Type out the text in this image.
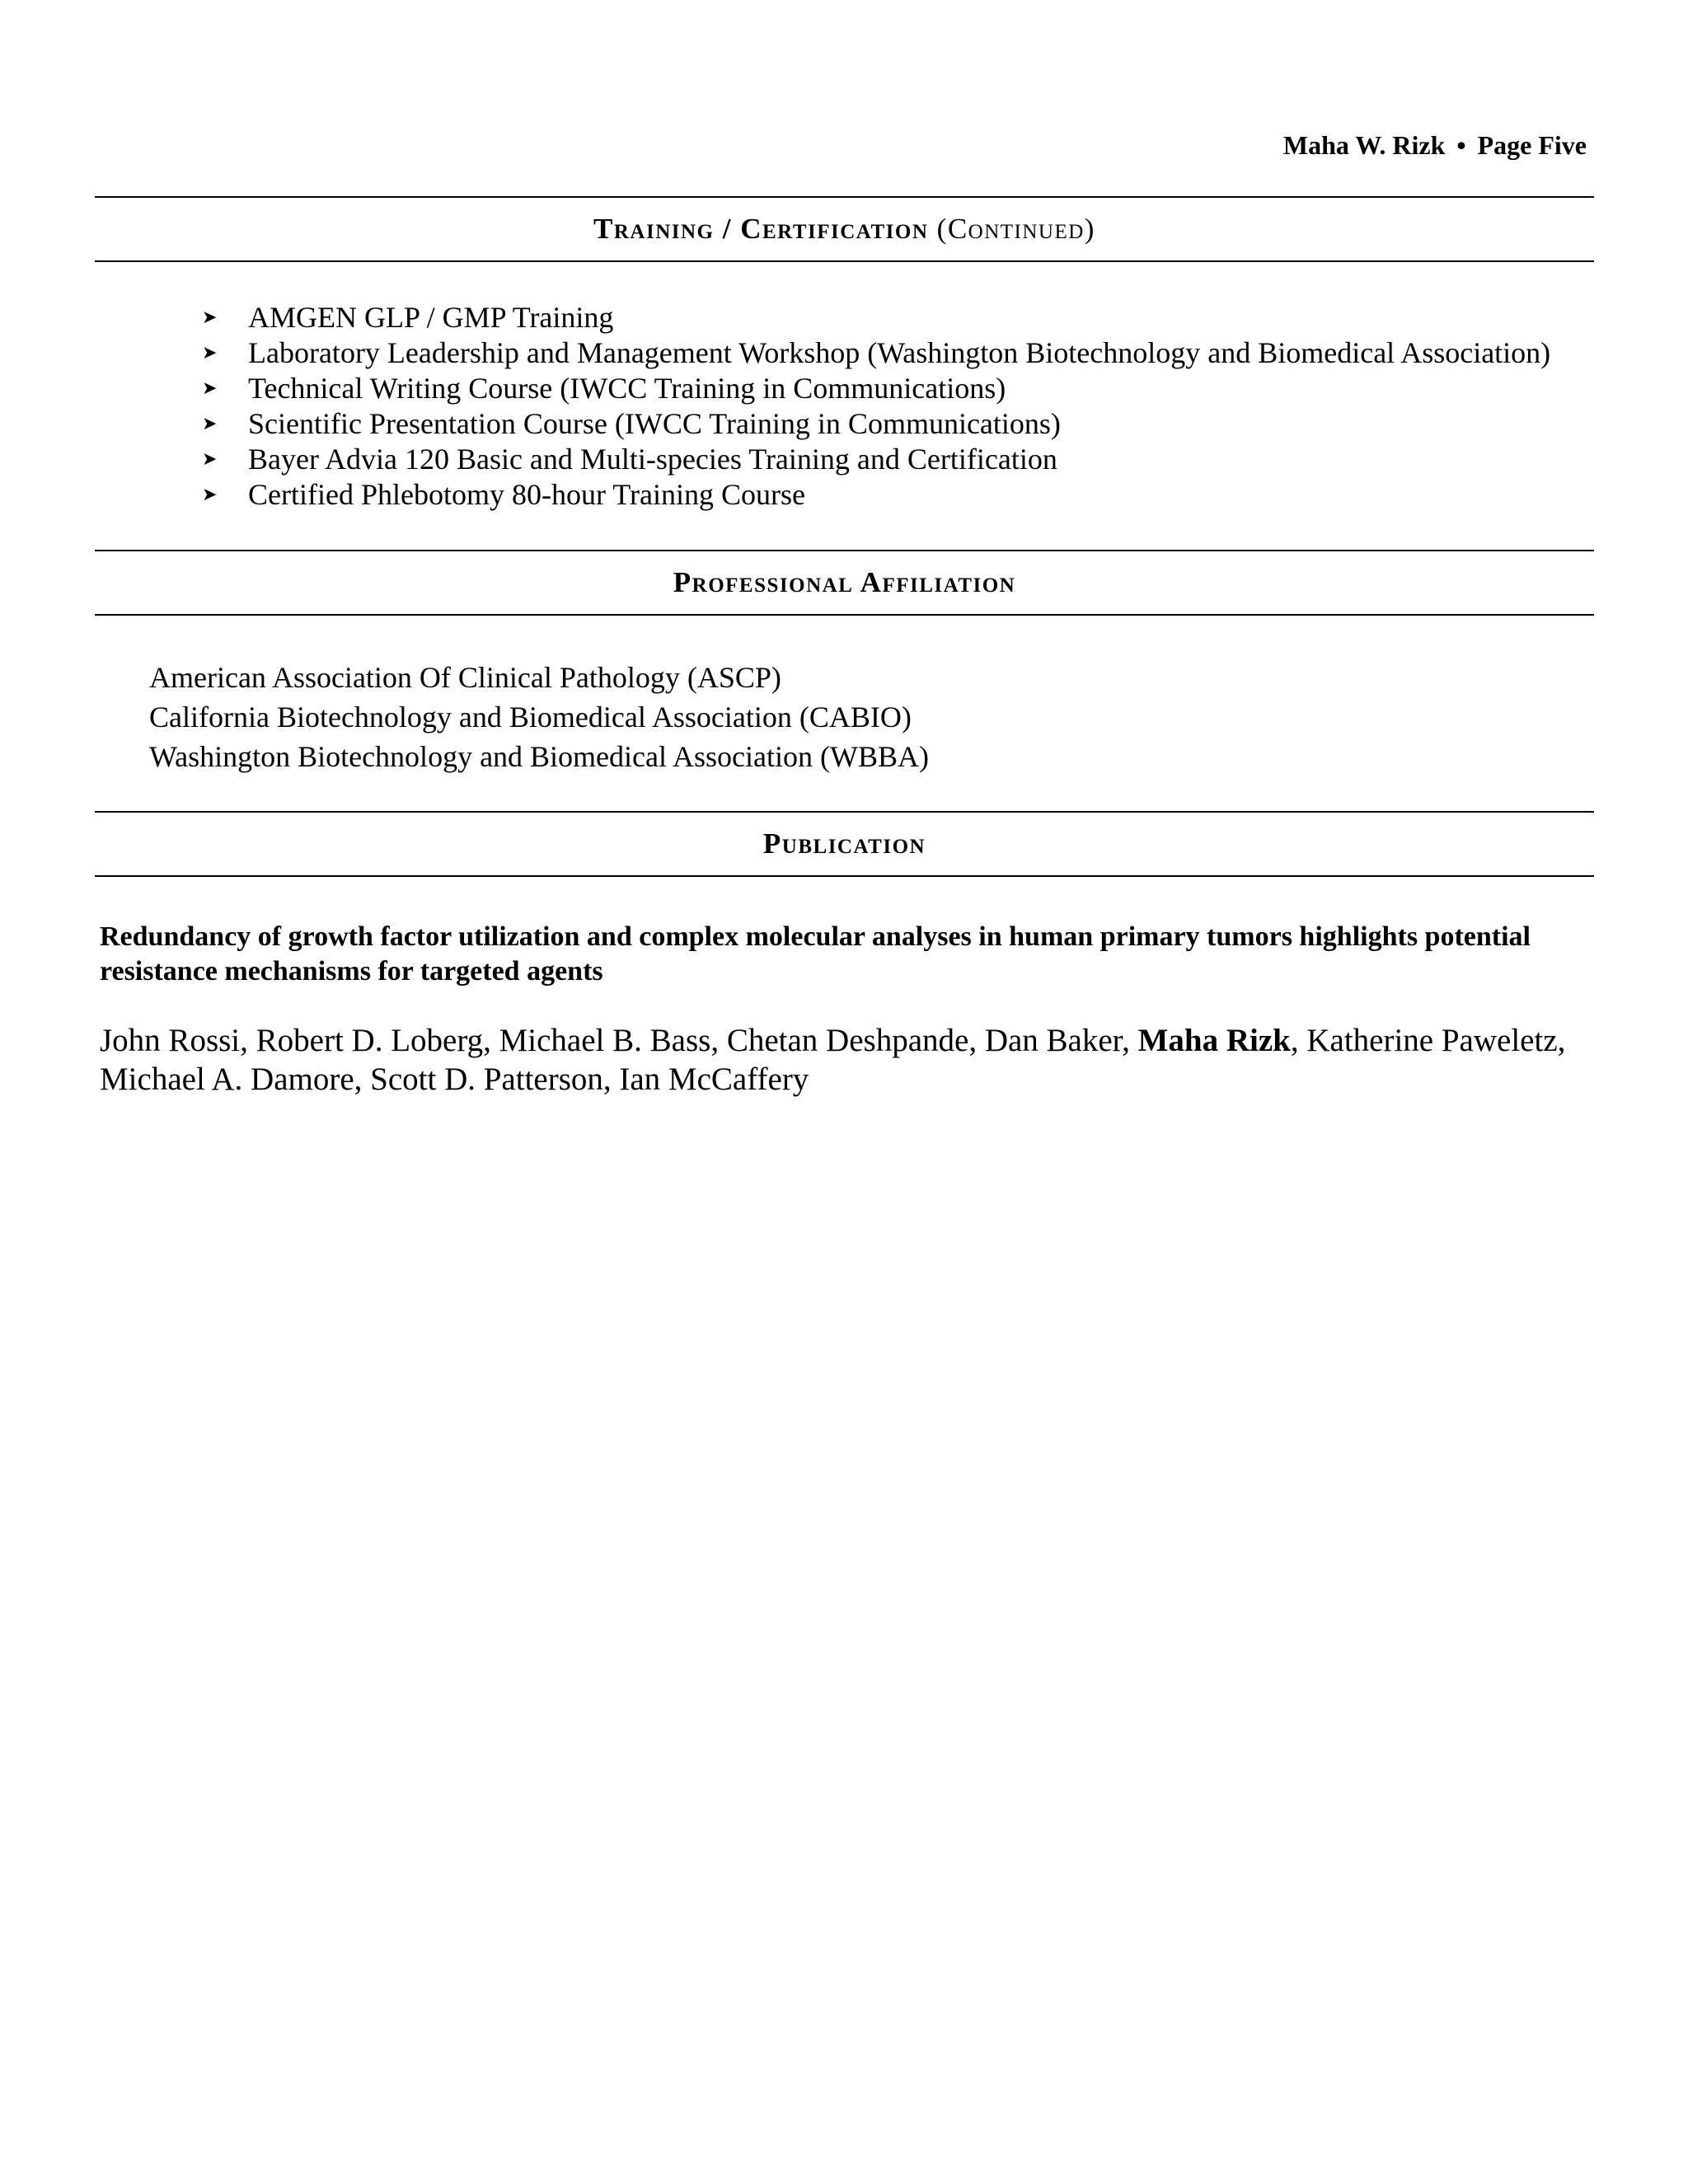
Maha W. Rizk • Page Five
Training / Certification (Continued)
➤ AMGEN GLP / GMP Training
➤ Laboratory Leadership and Management Workshop (Washington Biotechnology and Biomedical Association)
➤ Technical Writing Course (IWCC Training in Communications)
➤ Scientific Presentation Course (IWCC Training in Communications)
➤ Bayer Advia 120 Basic and Multi-species Training and Certification
➤ Certified Phlebotomy 80-hour Training Course
Professional Affiliation
American Association Of Clinical Pathology (ASCP)
California Biotechnology and Biomedical Association (CABIO)
Washington Biotechnology and Biomedical Association (WBBA)
Publication
Redundancy of growth factor utilization and complex molecular analyses in human primary tumors highlights potential resistance mechanisms for targeted agents
John Rossi, Robert D. Loberg, Michael B. Bass, Chetan Deshpande, Dan Baker, Maha Rizk, Katherine Paweletz, Michael A. Damore, Scott D. Patterson, Ian McCaffery
